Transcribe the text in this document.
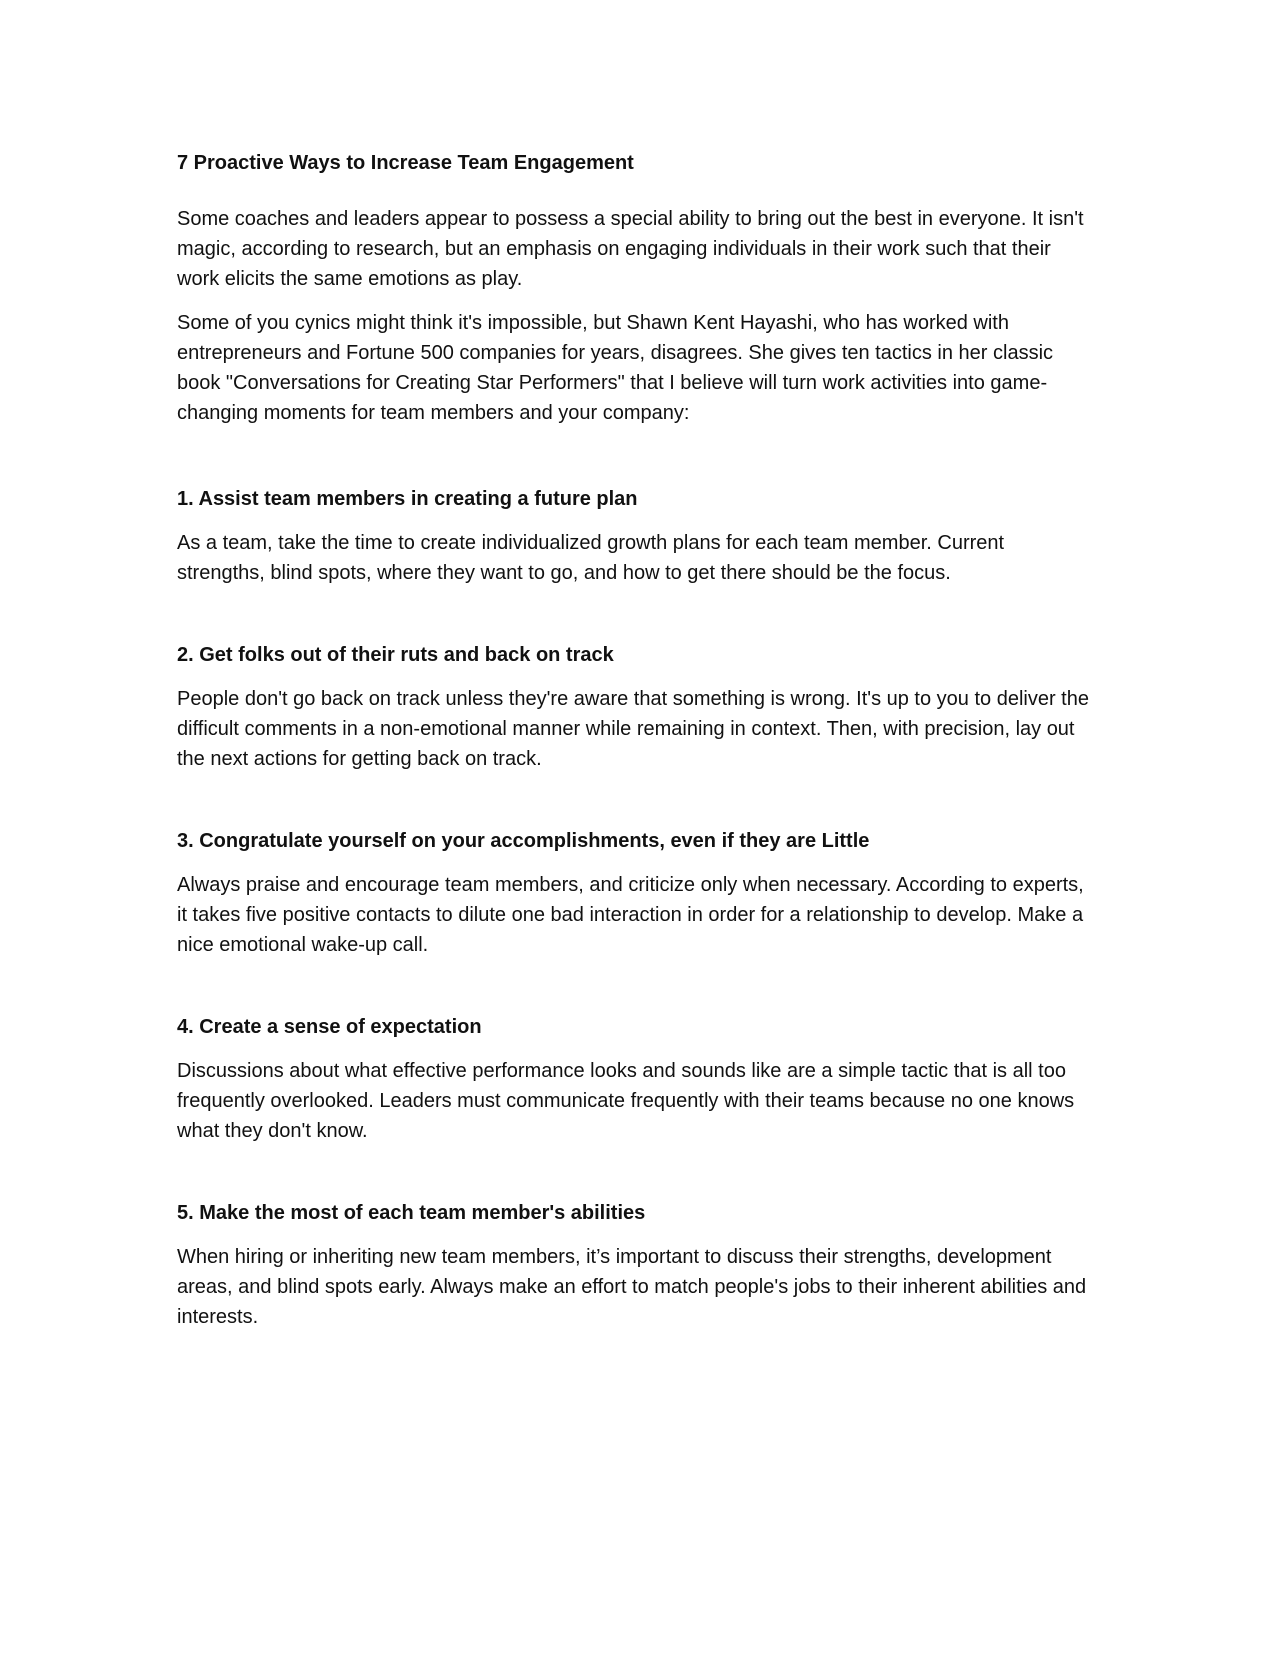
7 Proactive Ways to Increase Team Engagement

Some coaches and leaders appear to possess a special ability to bring out the best in everyone. It isn't magic, according to research, but an emphasis on engaging individuals in their work such that their work elicits the same emotions as play.

Some of you cynics might think it's impossible, but Shawn Kent Hayashi, who has worked with entrepreneurs and Fortune 500 companies for years, disagrees. She gives ten tactics in her classic book "Conversations for Creating Star Performers" that I believe will turn work activities into game-changing moments for team members and your company:

1. Assist team members in creating a future plan

As a team, take the time to create individualized growth plans for each team member. Current strengths, blind spots, where they want to go, and how to get there should be the focus.

2. Get folks out of their ruts and back on track

People don't go back on track unless they're aware that something is wrong. It's up to you to deliver the difficult comments in a non-emotional manner while remaining in context. Then, with precision, lay out the next actions for getting back on track.

3. Congratulate yourself on your accomplishments, even if they are Little

Always praise and encourage team members, and criticize only when necessary. According to experts, it takes five positive contacts to dilute one bad interaction in order for a relationship to develop. Make a nice emotional wake-up call.

4. Create a sense of expectation

Discussions about what effective performance looks and sounds like are a simple tactic that is all too frequently overlooked. Leaders must communicate frequently with their teams because no one knows what they don't know.

5. Make the most of each team member's abilities

When hiring or inheriting new team members, it’s important to discuss their strengths, development areas, and blind spots early. Always make an effort to match people's jobs to their inherent abilities and interests.
